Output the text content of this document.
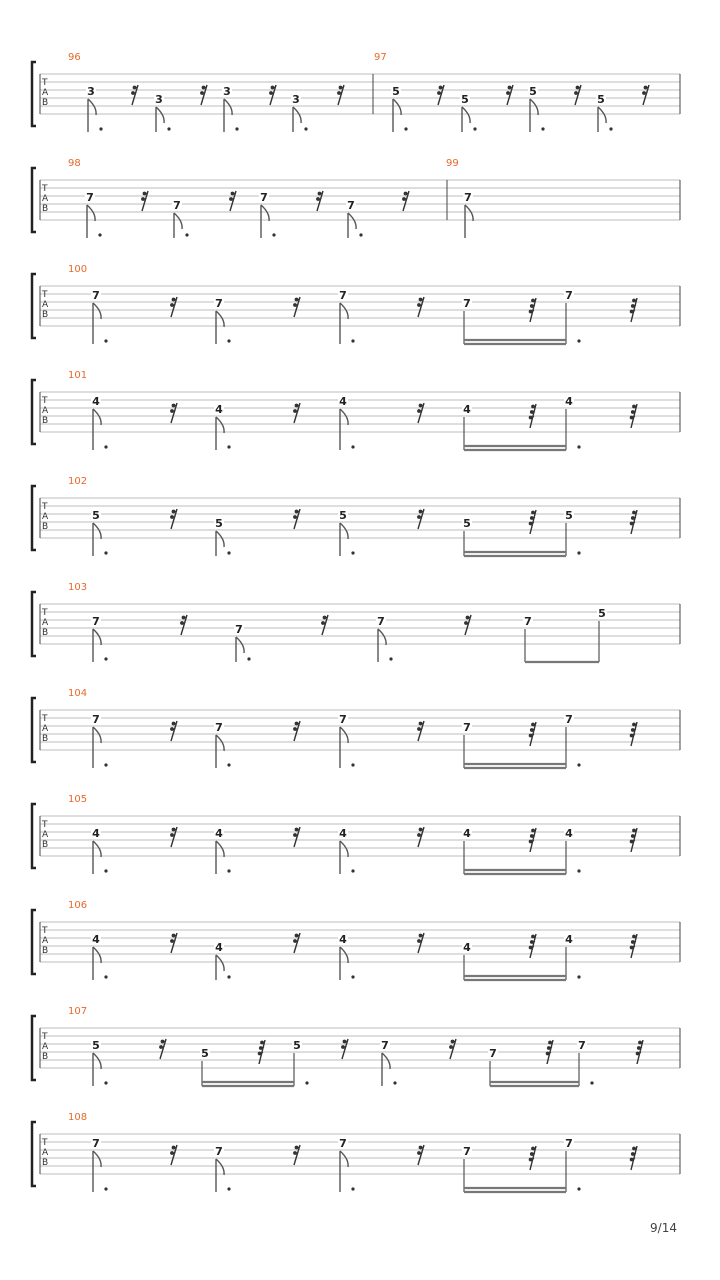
T
A
B
96	97
3
3
3
3
5
5
5
5
T
A
B
98	99
7
7
7
7
7
T
A
B
100
7
7
7
7
7
T
A
B
101
4
4
4
4
4
T
A
B
102
5
5
5
5
5
T
A
B
103
7
7
7	7
5
T
A
B
104
7
7
7
7
7
T
A
B
105
4	4	4	4	4
T
A
B
106
4
4
4
4
4
T
A
B
107
5
5
5	7
7
7
T
A
B
108
7
7
7
7
7
9/14
